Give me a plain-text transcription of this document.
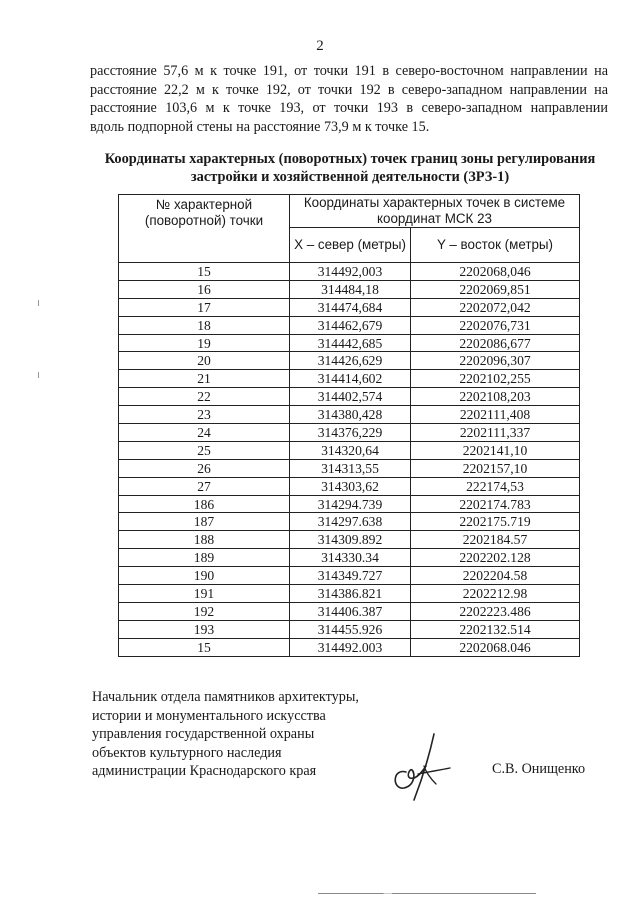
2
расстояние 57,6 м к точке 191, от точки 191 в северо-восточном направлении на
расстояние 22,2 м к точке 192, от точки 192 в северо-западном направлении на
расстояние 103,6 м к точке 193, от точки 193 в северо-западном направлении
вдоль подпорной стены на расстояние 73,9 м к точке 15.
Координаты характерных (поворотных) точек границ зоны регулирования
застройки и хозяйственной деятельности (ЗРЗ-1)
№ характерной (поворотной) точки	Координаты характерных точек в системе координат МСК 23	
	X – север (метры)	Y – восток (метры)
15	314492,003	2202068,046
16	314484,18	2202069,851
17	314474,684	2202072,042
18	314462,679	2202076,731
19	314442,685	2202086,677
20	314426,629	2202096,307
21	314414,602	2202102,255
22	314402,574	2202108,203
23	314380,428	2202111,408
24	314376,229	2202111,337
25	314320,64	2202141,10
26	314313,55	2202157,10
27	314303,62	222174,53
186	314294.739	2202174.783
187	314297.638	2202175.719
188	314309.892	2202184.57
189	314330.34	2202202.128
190	314349.727	2202204.58
191	314386.821	2202212.98
192	314406.387	2202223.486
193	314455.926	2202132.514
15	314492.003	2202068.046
Начальник отдела памятников архитектуры,
истории и монументального искусства
управления государственной охраны
объектов культурного наследия
администрации Краснодарского края	С.В. Онищенко
